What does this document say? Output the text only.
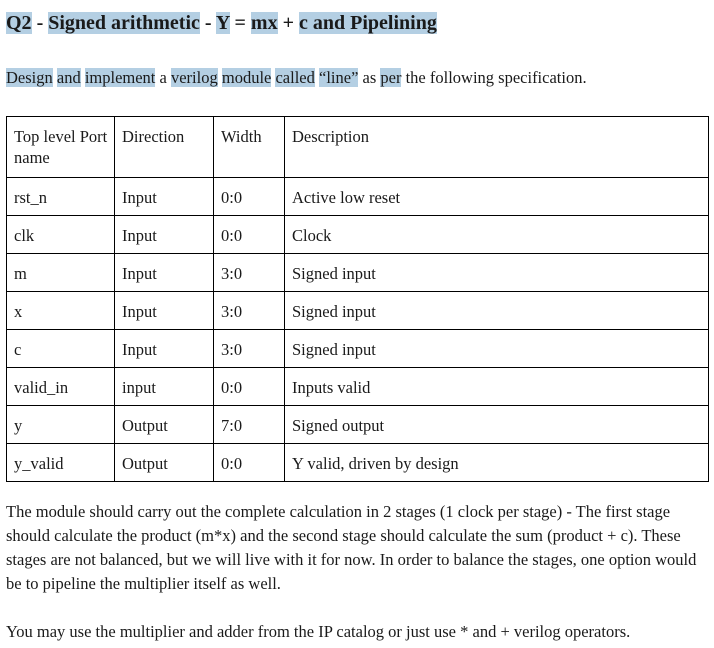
Q2 - Signed arithmetic - Y = mx + c and Pipelining
Design and implement a verilog module called “line” as per the following specification.
Top level Port name	Direction	Width	Description
rst_n	Input	0:0	Active low reset
clk	Input	0:0	Clock
m	Input	3:0	Signed input
x	Input	3:0	Signed input
c	Input	3:0	Signed input
valid_in	input	0:0	Inputs valid
y	Output	7:0	Signed output
y_valid	Output	0:0	Y valid, driven by design
The module should carry out the complete calculation in 2 stages (1 clock per stage) - The first stage should calculate the product (m*x) and the second stage should calculate the sum (product + c). These stages are not balanced, but we will live with it for now. In order to balance the stages, one option would be to pipeline the multiplier itself as well.
You may use the multiplier and adder from the IP catalog or just use * and + verilog operators.
